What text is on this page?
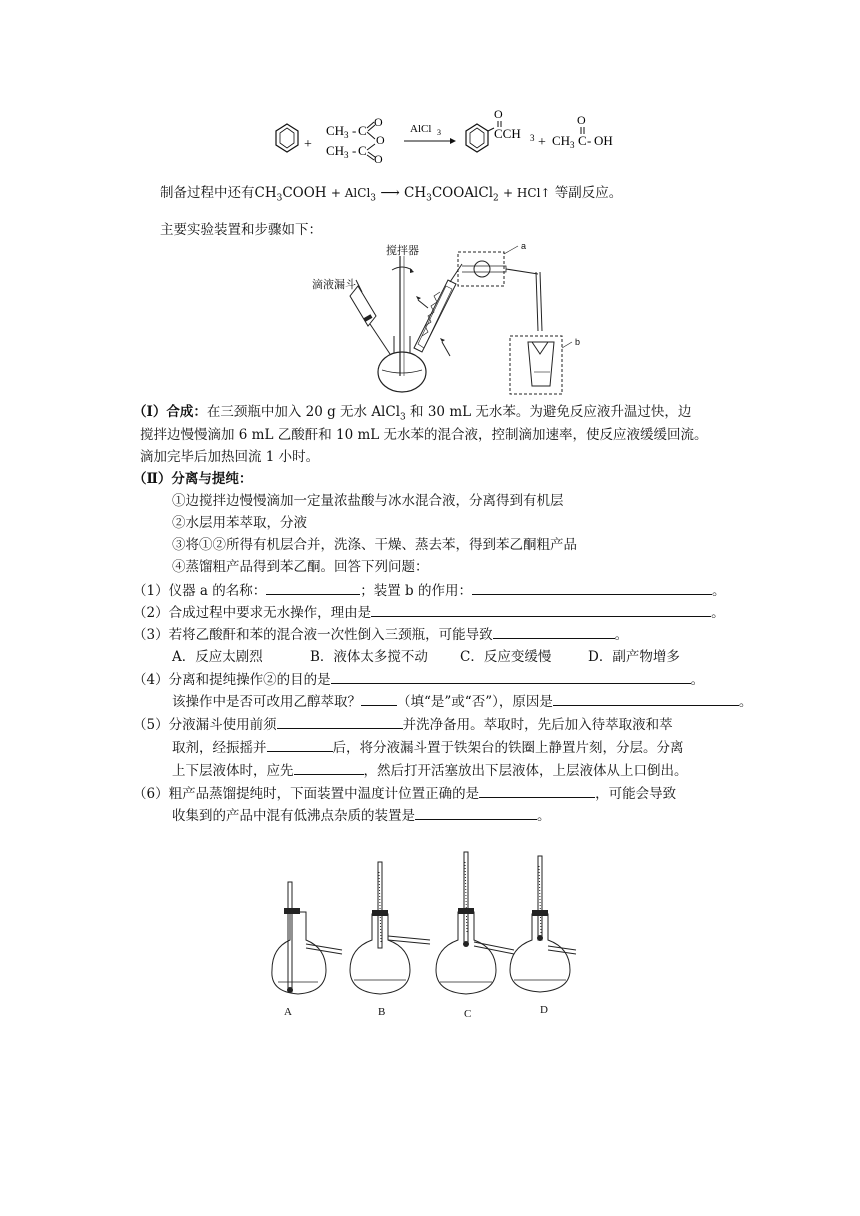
+
CH 3 - C
O
O
CH 3 - C
O
AlCl 3
O
CCH 3 + CH 3 C
O
- OH
制备过程中还有$CH_3COOH$ + AlCl$_3$ ⟶ $CH_3COOAlCl_2$ + HCl↑ 等副反应。
主要实验装置和步骤如下：
搅拌器
滴液漏斗
a
b
（Ⅰ）合成：在三颈瓶中加入 20 g 无水 AlCl$_3$ 和 30 mL 无水苯。为避免反应液升温过快，边
搅拌边慢慢滴加 6 mL 乙酸酐和 10 mL 无水苯的混合液，控制滴加速率，使反应液缓缓回流。
滴加完毕后加热回流 1 小时。
（Ⅱ）分离与提纯：
①边搅拌边慢慢滴加一定量浓盐酸与冰水混合液，分离得到有机层
②水层用苯萃取，分液
③将①②所得有机层合并，洗涤、干燥、蒸去苯，得到苯乙酮粗产品
④蒸馏粗产品得到苯乙酮。回答下列问题：
（1）仪器 a 的名称：	；装置 b 的作用：	。
（2）合成过程中要求无水操作，理由是	。
（3）若将乙酸酐和苯的混合液一次性倒入三颈瓶，可能导致	。
A．反应太剧烈	B．液体太多搅不动 C．反应变缓慢	D．副产物增多
（4）分离和提纯操作②的目的是	。
该操作中是否可改用乙醇萃取？	（填“是”或“否”），原因是	。
（5）分液漏斗使用前须	并洗净备用。萃取时，先后加入待萃取液和萃
取剂，经振摇并	后，将分液漏斗置于铁架台的铁圈上静置片刻，分层。分离
上下层液体时，应先	，然后打开活塞放出下层液体，上层液体从上口倒出。
（6）粗产品蒸馏提纯时，下面装置中温度计位置正确的是	，可能会导致
收集到的产品中混有低沸点杂质的装置是	。
A	B	C	D
